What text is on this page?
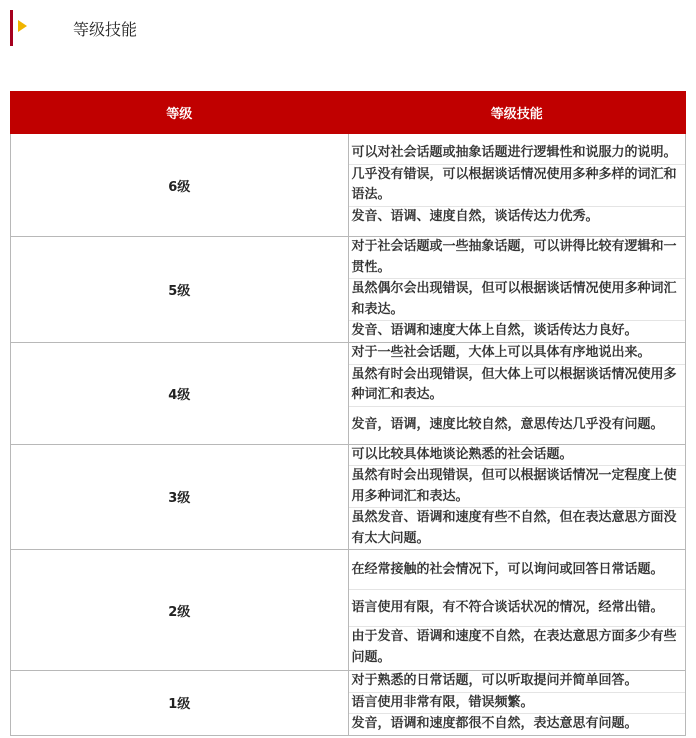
等级技能
等级	等级技能
6级	可以对社会话题或抽象话题进行逻辑性和说服力的说明。
几乎没有错误，可以根据谈话情况使用多种多样的词汇和语法。
发音、语调、速度自然，谈话传达力优秀。

5级	对于社会话题或一些抽象话题，可以讲得比较有逻辑和一贯性。
虽然偶尔会出现错误，但可以根据谈话情况使用多种词汇和表达。
发音、语调和速度大体上自然，谈话传达力良好。

4级	对于一些社会话题，大体上可以具体有序地说出来。
虽然有时会出现错误，但大体上可以根据谈话情况使用多种词汇和表达。
发音，语调，速度比较自然，意思传达几乎没有问题。

3级	可以比较具体地谈论熟悉的社会话题。
虽然有时会出现错误，但可以根据谈话情况一定程度上使用多种词汇和表达。
虽然发音、语调和速度有些不自然，但在表达意思方面没有太大问题。

2级	在经常接触的社会情况下，可以询问或回答日常话题。
语言使用有限，有不符合谈话状况的情况，经常出错。
由于发音、语调和速度不自然，在表达意思方面多少有些问题。

1级	对于熟悉的日常话题，可以听取提问并简单回答。
语言使用非常有限，错误频繁。
发音，语调和速度都很不自然，表达意思有问题。
